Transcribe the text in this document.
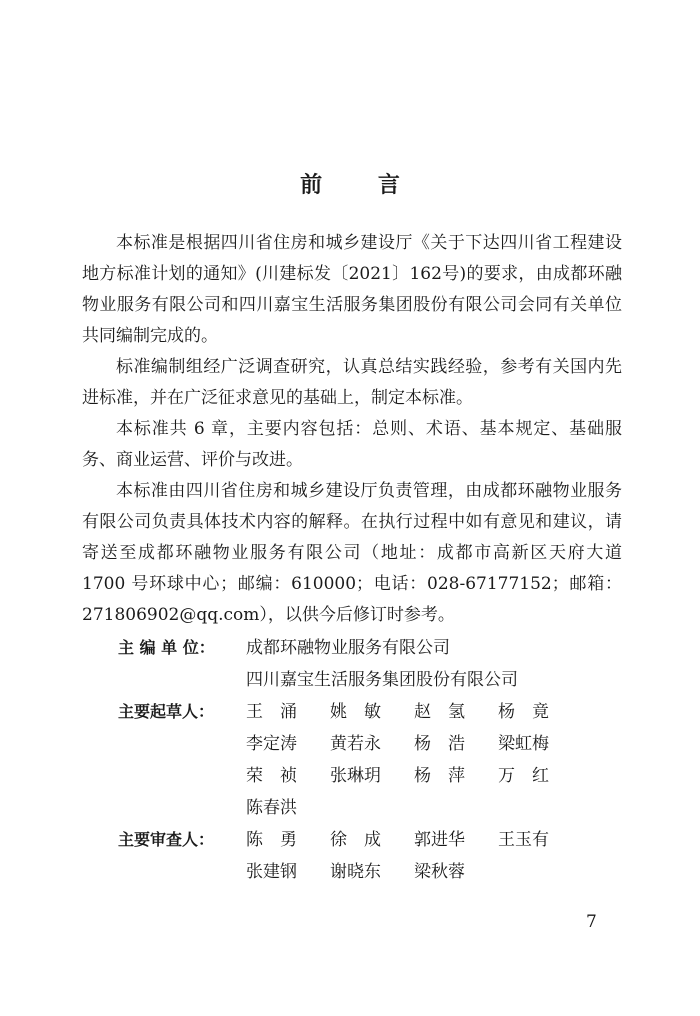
前 言

本标准是根据四川省住房和城乡建设厅《关于下达四川省工程建设地方标准计划的通知》(川建标发〔2021〕162号)的要求，由成都环融物业服务有限公司和四川嘉宝生活服务集团股份有限公司会同有关单位共同编制完成的。

标准编制组经广泛调查研究，认真总结实践经验，参考有关国内先进标准，并在广泛征求意见的基础上，制定本标准。

本标准共 6 章，主要内容包括：总则、术语、基本规定、基础服务、商业运营、评价与改进。

本标准由四川省住房和城乡建设厅负责管理，由成都环融物业服务有限公司负责具体技术内容的解释。在执行过程中如有意见和建议，请寄送至成都环融物业服务有限公司（地址：成都市高新区天府大道 1700 号环球中心；邮编：610000；电话：028-67177152；邮箱：271806902@qq.com），以供今后修订时参考。

主 编 单 位：	成都环融物业服务有限公司
四川嘉宝生活服务集团股份有限公司
主要起草人：	王　涌	姚　敏	赵　氢	杨　竟
李定涛	黄若永	杨　浩	梁虹梅
荣　祯	张琳玥	杨　萍	万　红
陈春洪
主要审查人：	陈　勇	徐　成	郭进华	王玉有
张建钢	谢晓东	梁秋蓉
7
